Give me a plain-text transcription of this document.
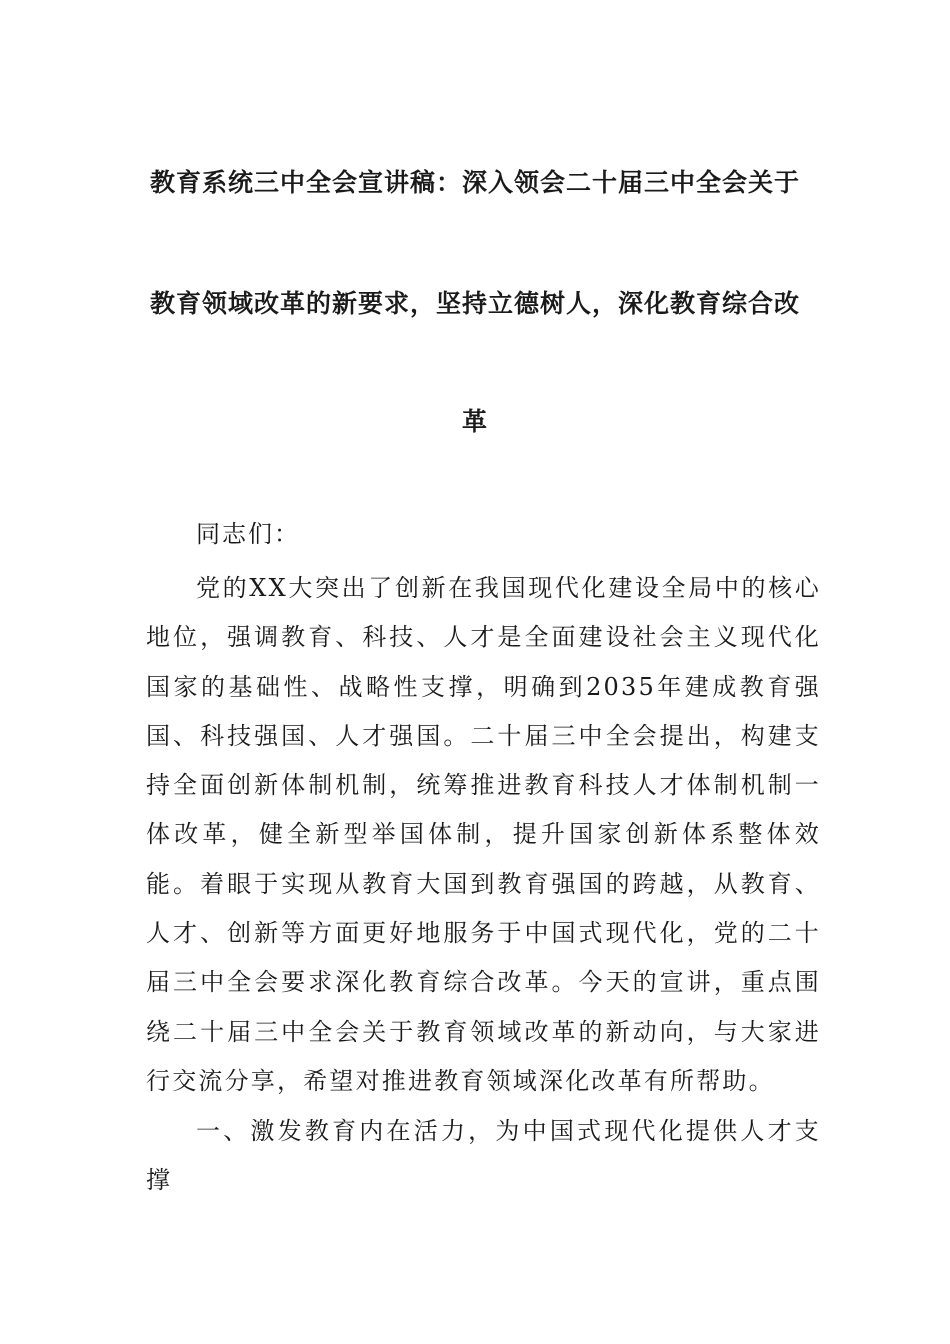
教育系统三中全会宣讲稿：深入领会二十届三中全会关于
教育领域改革的新要求，坚持立德树人，深化教育综合改
革
同志们：
党的XX大突出了创新在我国现代化建设全局中的核心地位，强调教育、科技、人才是全面建设社会主义现代化国家的基础性、战略性支撑，明确到2035年建成教育强国、科技强国、人才强国。二十届三中全会提出，构建支持全面创新体制机制，统筹推进教育科技人才体制机制一体改革，健全新型举国体制，提升国家创新体系整体效能。着眼于实现从教育大国到教育强国的跨越，从教育、人才、创新等方面更好地服务于中国式现代化，党的二十届三中全会要求深化教育综合改革。今天的宣讲，重点围绕二十届三中全会关于教育领域改革的新动向，与大家进行交流分享，希望对推进教育领域深化改革有所帮助。
一、激发教育内在活力，为中国式现代化提供人才支撑
